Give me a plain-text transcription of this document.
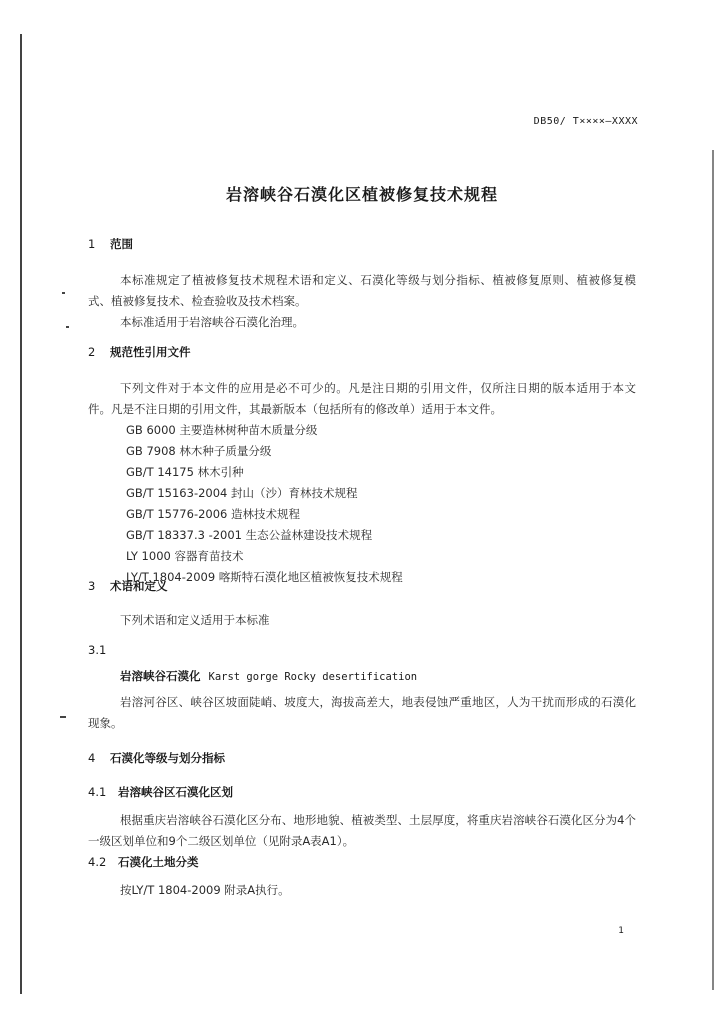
DB50/ T××××—XXXX
岩溶峡谷石漠化区植被修复技术规程
1 范围
本标准规定了植被修复技术规程术语和定义、石漠化等级与划分指标、植被修复原则、植被修复模式、植被修复技术、检查验收及技术档案。
本标准适用于岩溶峡谷石漠化治理。
2 规范性引用文件
下列文件对于本文件的应用是必不可少的。凡是注日期的引用文件，仅所注日期的版本适用于本文件。凡是不注日期的引用文件，其最新版本（包括所有的修改单）适用于本文件。
GB 6000 主要造林树种苗木质量分级
GB 7908 林木种子质量分级
GB/T 14175 林木引种
GB/T 15163-2004 封山（沙）育林技术规程
GB/T 15776-2006 造林技术规程
GB/T 18337.3 -2001 生态公益林建设技术规程
LY 1000 容器育苗技术
LY/T 1804-2009 喀斯特石漠化地区植被恢复技术规程
3 术语和定义
下列术语和定义适用于本标准
3.1
岩溶峡谷石漠化 Karst gorge Rocky desertification
岩溶河谷区、峡谷区坡面陡峭、坡度大，海拔高差大，地表侵蚀严重地区，人为干扰而形成的石漠化现象。
4 石漠化等级与划分指标
4.1 岩溶峡谷区石漠化区划
根据重庆岩溶峡谷石漠化区分布、地形地貌、植被类型、土层厚度，将重庆岩溶峡谷石漠化区分为4个一级区划单位和9个二级区划单位（见附录A表A1）。
4.2 石漠化土地分类
按LY/T 1804-2009 附录A执行。
1
